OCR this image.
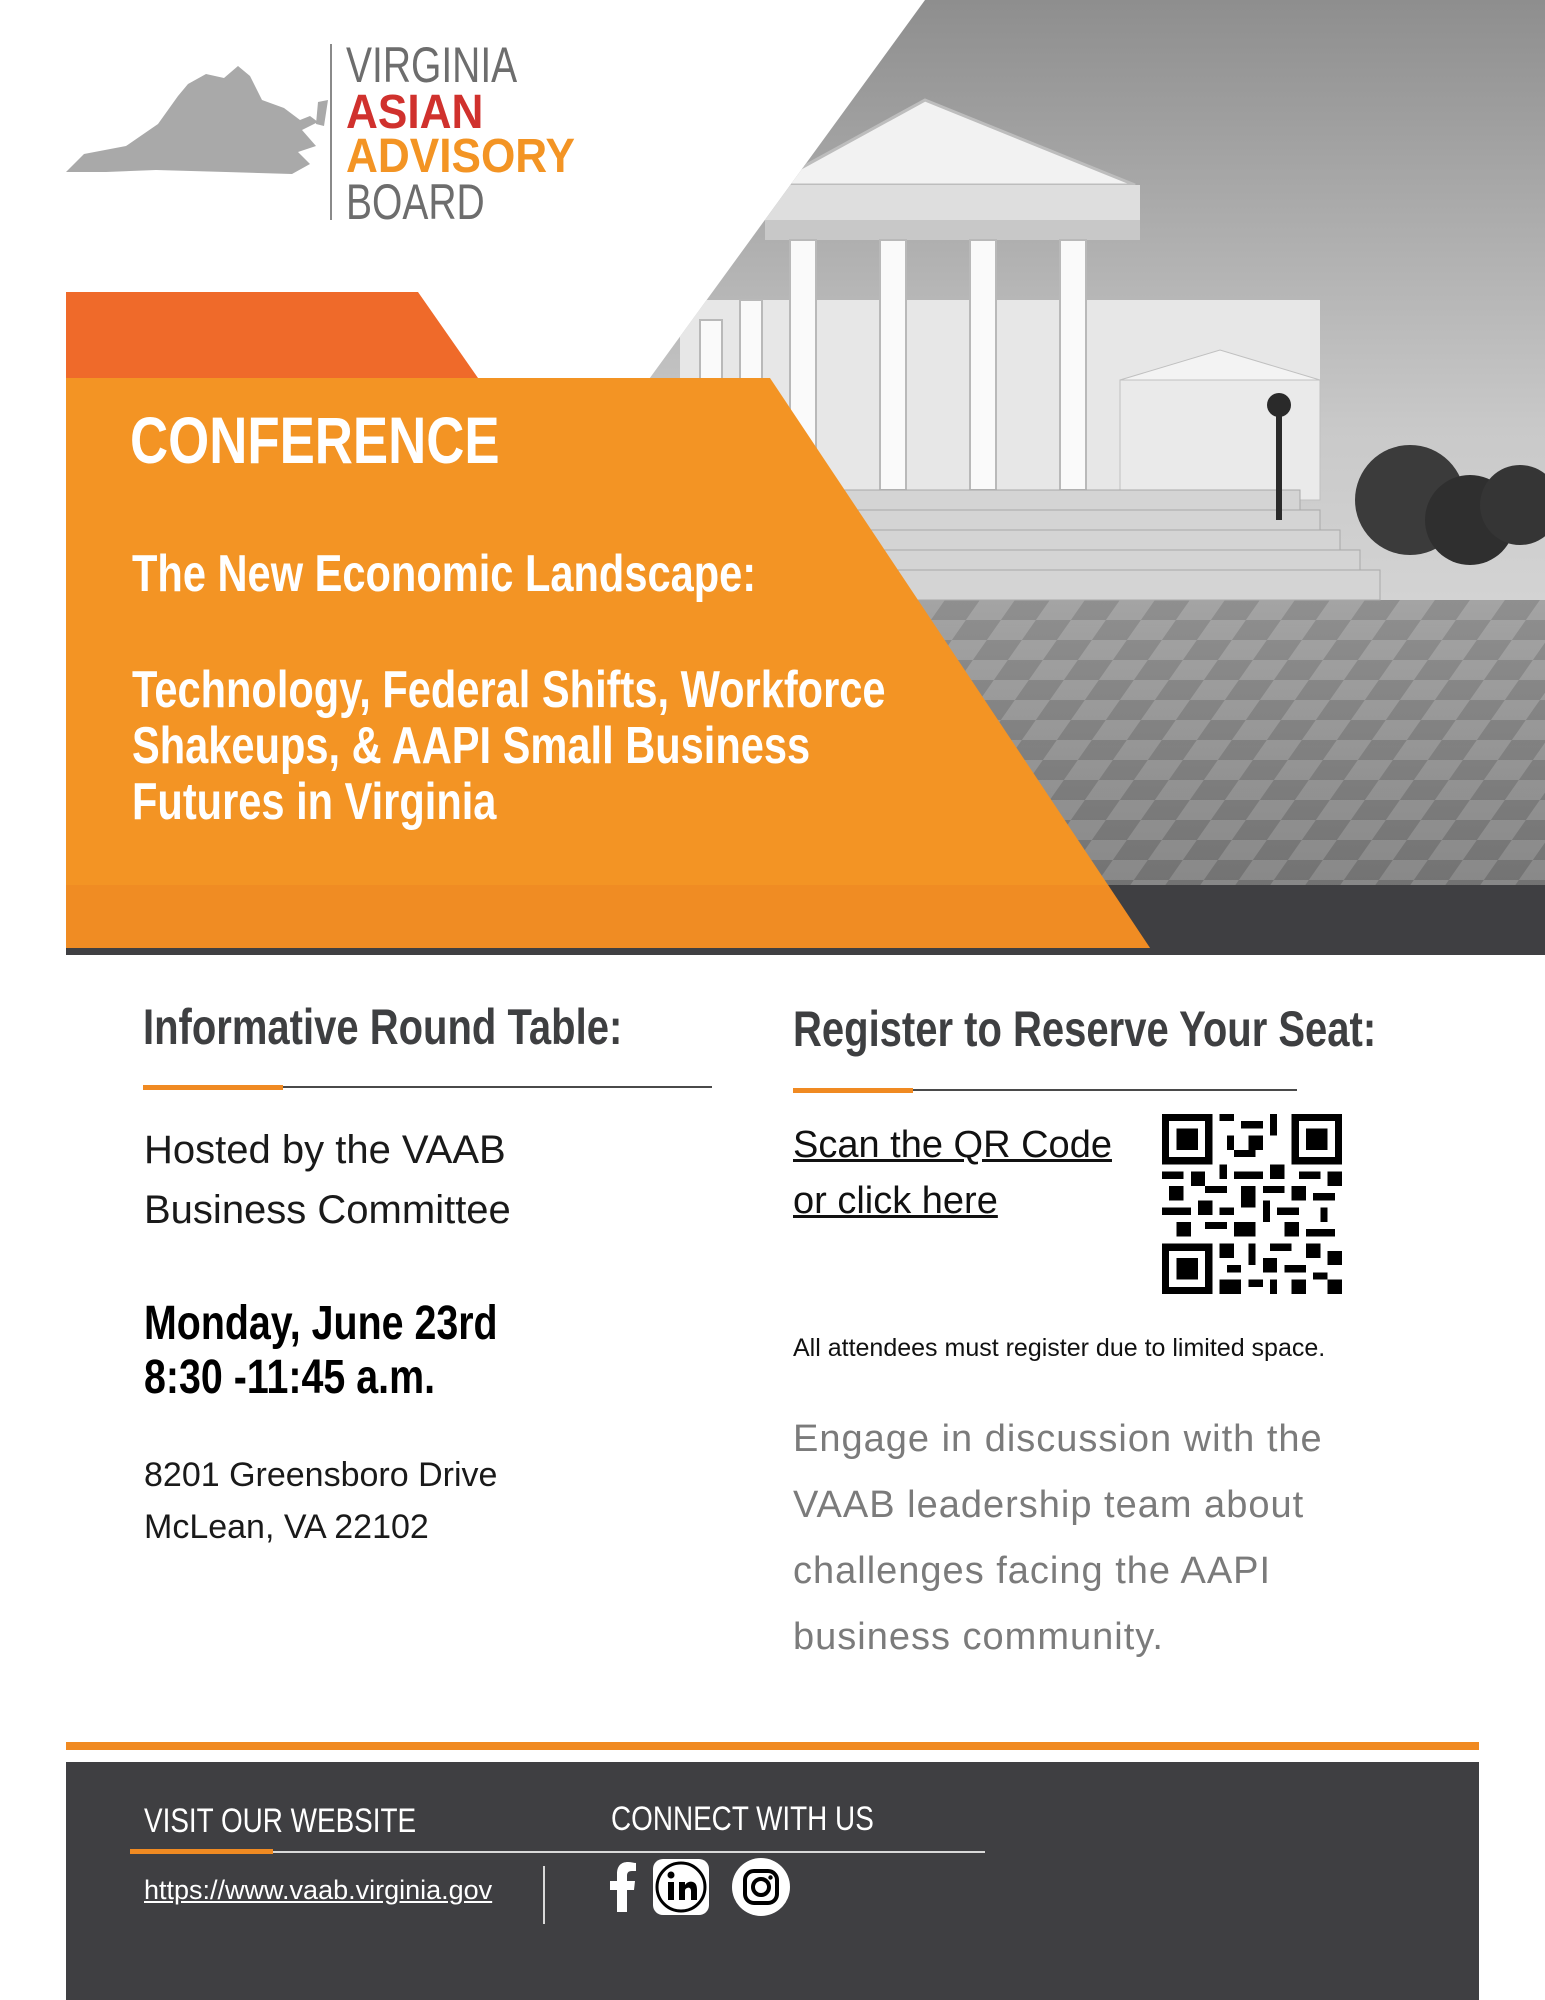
VIRGINIA
ASIAN
ADVISORY
BOARD
CONFERENCE
The New Economic Landscape:
Technology, Federal Shifts, Workforce
Shakeups, & AAPI Small Business
Futures in Virginia
Informative Round Table:
Hosted by the VAAB
Business Committee
Monday, June 23rd
8:30 -11:45 a.m.
8201 Greensboro Drive
McLean, VA 22102
Register to Reserve Your Seat:
Scan the QR Code
or click here
All attendees must register due to limited space.
Engage in discussion with the
VAAB leadership team about
challenges facing the AAPI
business community.
VISIT OUR WEBSITE	CONNECT WITH US
https://www.vaab.virginia.gov
